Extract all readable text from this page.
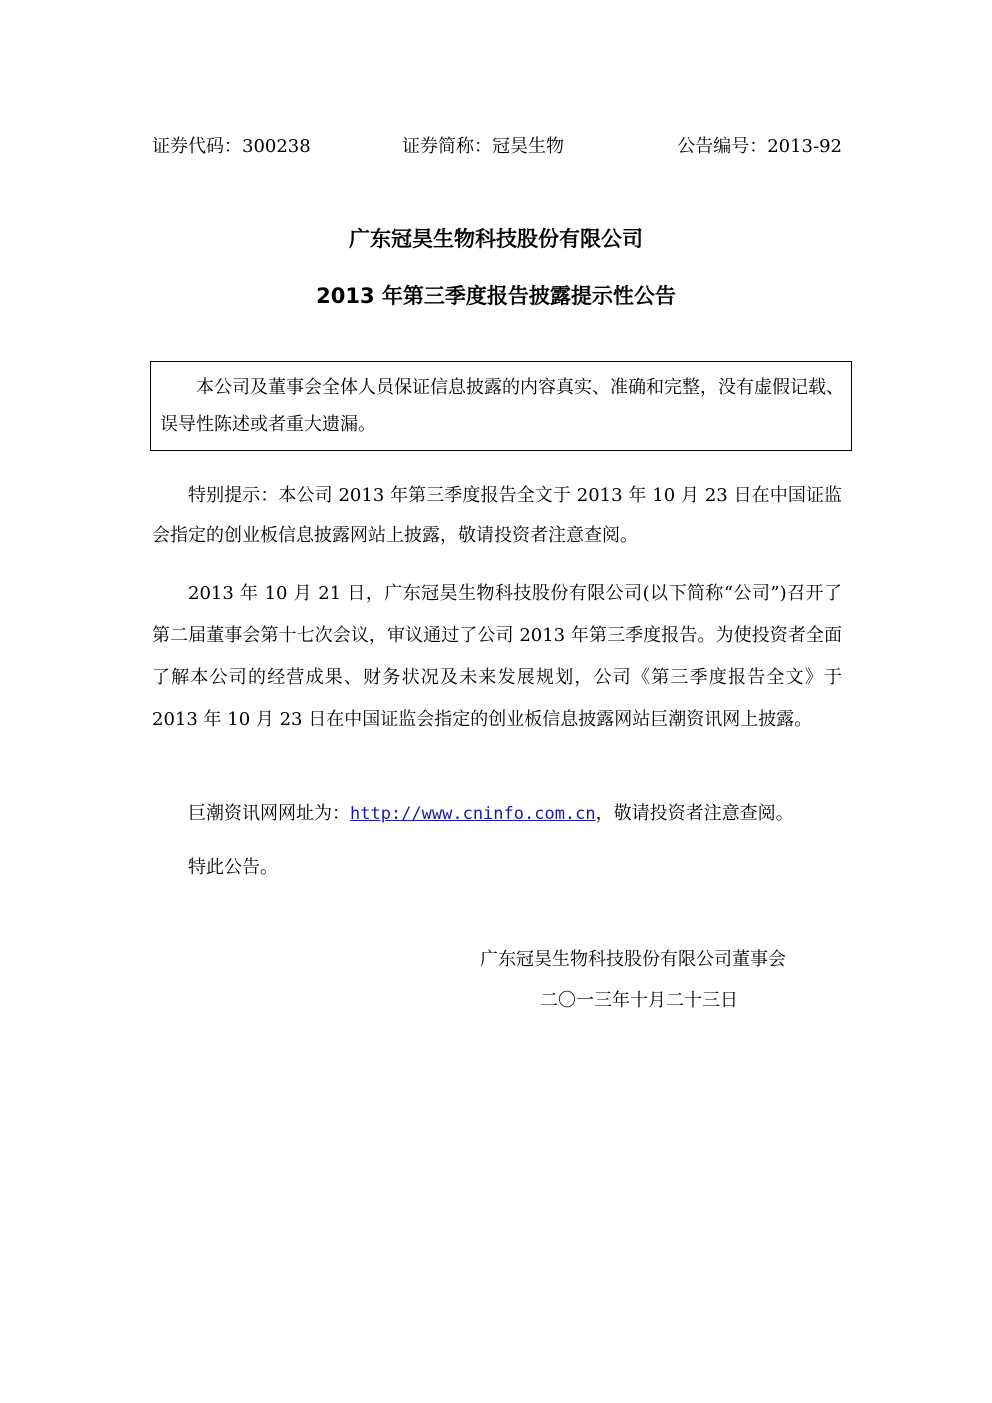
证券代码：300238	证券简称：冠昊生物	公告编号：2013-92
广东冠昊生物科技股份有限公司
2013 年第三季度报告披露提示性公告
本公司及董事会全体人员保证信息披露的内容真实、准确和完整，没有虚假记载、误导性陈述或者重大遗漏。
特别提示：本公司 2013 年第三季度报告全文于 2013 年 10 月 23 日在中国证监会指定的创业板信息披露网站上披露，敬请投资者注意查阅。
2013 年 10 月 21 日，广东冠昊生物科技股份有限公司(以下简称“公司”)召开了第二届董事会第十七次会议，审议通过了公司 2013 年第三季度报告。为使投资者全面了解本公司的经营成果、财务状况及未来发展规划，公司《第三季度报告全文》于 2013 年 10 月 23 日在中国证监会指定的创业板信息披露网站巨潮资讯网上披露。
巨潮资讯网网址为：http://www.cninfo.com.cn，敬请投资者注意查阅。
特此公告。
广东冠昊生物科技股份有限公司董事会
二〇一三年十月二十三日
